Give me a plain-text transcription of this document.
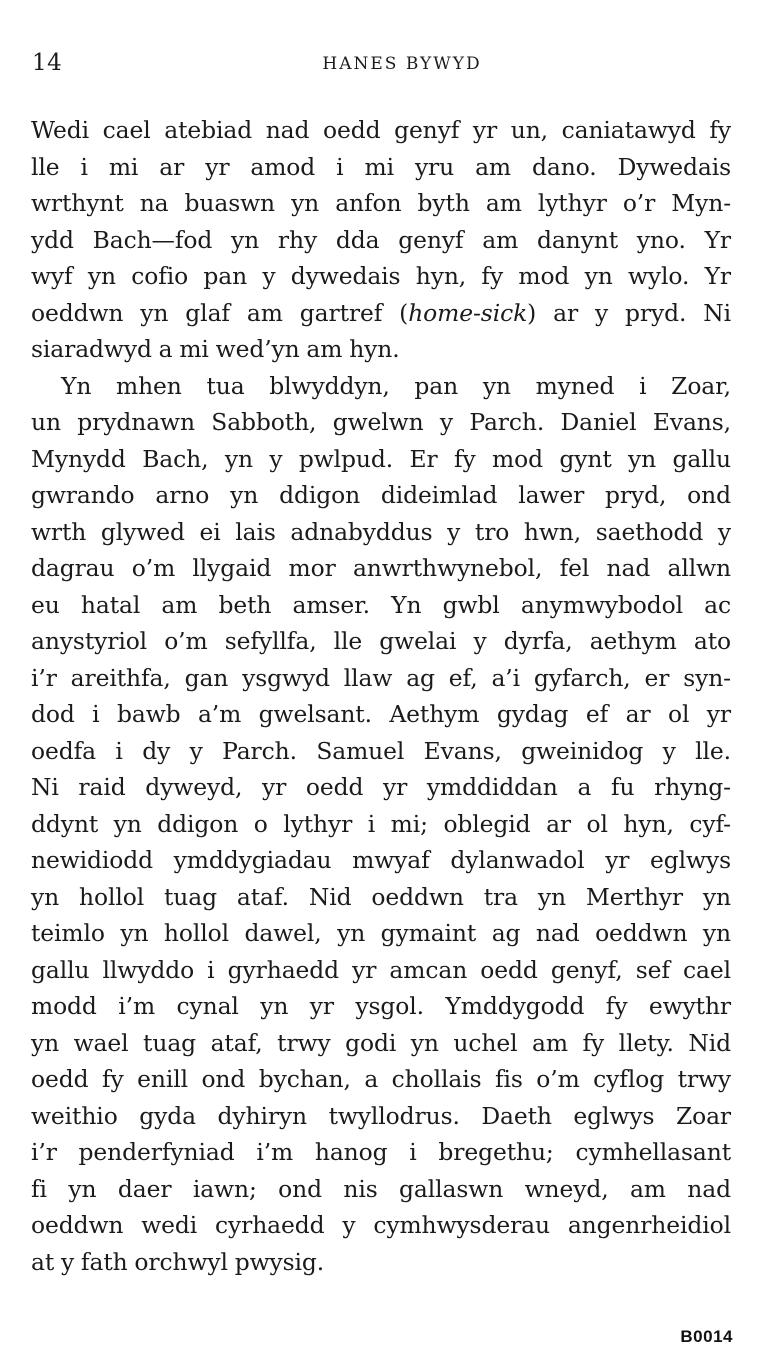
14	HANES BYWYD
Wedi cael atebiad nad oedd genyf yr un, caniatawyd fy
lle i mi ar yr amod i mi yru am dano. Dywedais
wrthynt na buaswn yn anfon byth am lythyr o’r Myn-
ydd Bach—fod yn rhy dda genyf am danynt yno. Yr
wyf yn cofio pan y dywedais hyn, fy mod yn wylo. Yr
oeddwn yn glaf am gartref (home-sick) ar y pryd. Ni
siaradwyd a mi wed’yn am hyn.
Yn mhen tua blwyddyn, pan yn myned i Zoar,
un prydnawn Sabboth, gwelwn y Parch. Daniel Evans,
Mynydd Bach, yn y pwlpud. Er fy mod gynt yn gallu
gwrando arno yn ddigon dideimlad lawer pryd, ond
wrth glywed ei lais adnabyddus y tro hwn, saethodd y
dagrau o’m llygaid mor anwrthwynebol, fel nad allwn
eu hatal am beth amser. Yn gwbl anymwybodol ac
anystyriol o’m sefyllfa, lle gwelai y dyrfa, aethym ato
i’r areithfa, gan ysgwyd llaw ag ef, a’i gyfarch, er syn-
dod i bawb a’m gwelsant. Aethym gydag ef ar ol yr
oedfa i dy y Parch. Samuel Evans, gweinidog y lle.
Ni raid dyweyd, yr oedd yr ymddiddan a fu rhyng-
ddynt yn ddigon o lythyr i mi; oblegid ar ol hyn, cyf-
newidiodd ymddygiadau mwyaf dylanwadol yr eglwys
yn hollol tuag ataf. Nid oeddwn tra yn Merthyr yn
teimlo yn hollol dawel, yn gymaint ag nad oeddwn yn
gallu llwyddo i gyrhaedd yr amcan oedd genyf, sef cael
modd i’m cynal yn yr ysgol. Ymddygodd fy ewythr
yn wael tuag ataf, trwy godi yn uchel am fy llety. Nid
oedd fy enill ond bychan, a chollais fis o’m cyflog trwy
weithio gyda dyhiryn twyllodrus. Daeth eglwys Zoar
i’r penderfyniad i’m hanog i bregethu; cymhellasant
fi yn daer iawn; ond nis gallaswn wneyd, am nad
oeddwn wedi cyrhaedd y cymhwysderau angenrheidiol
at y fath orchwyl pwysig.
B0014
